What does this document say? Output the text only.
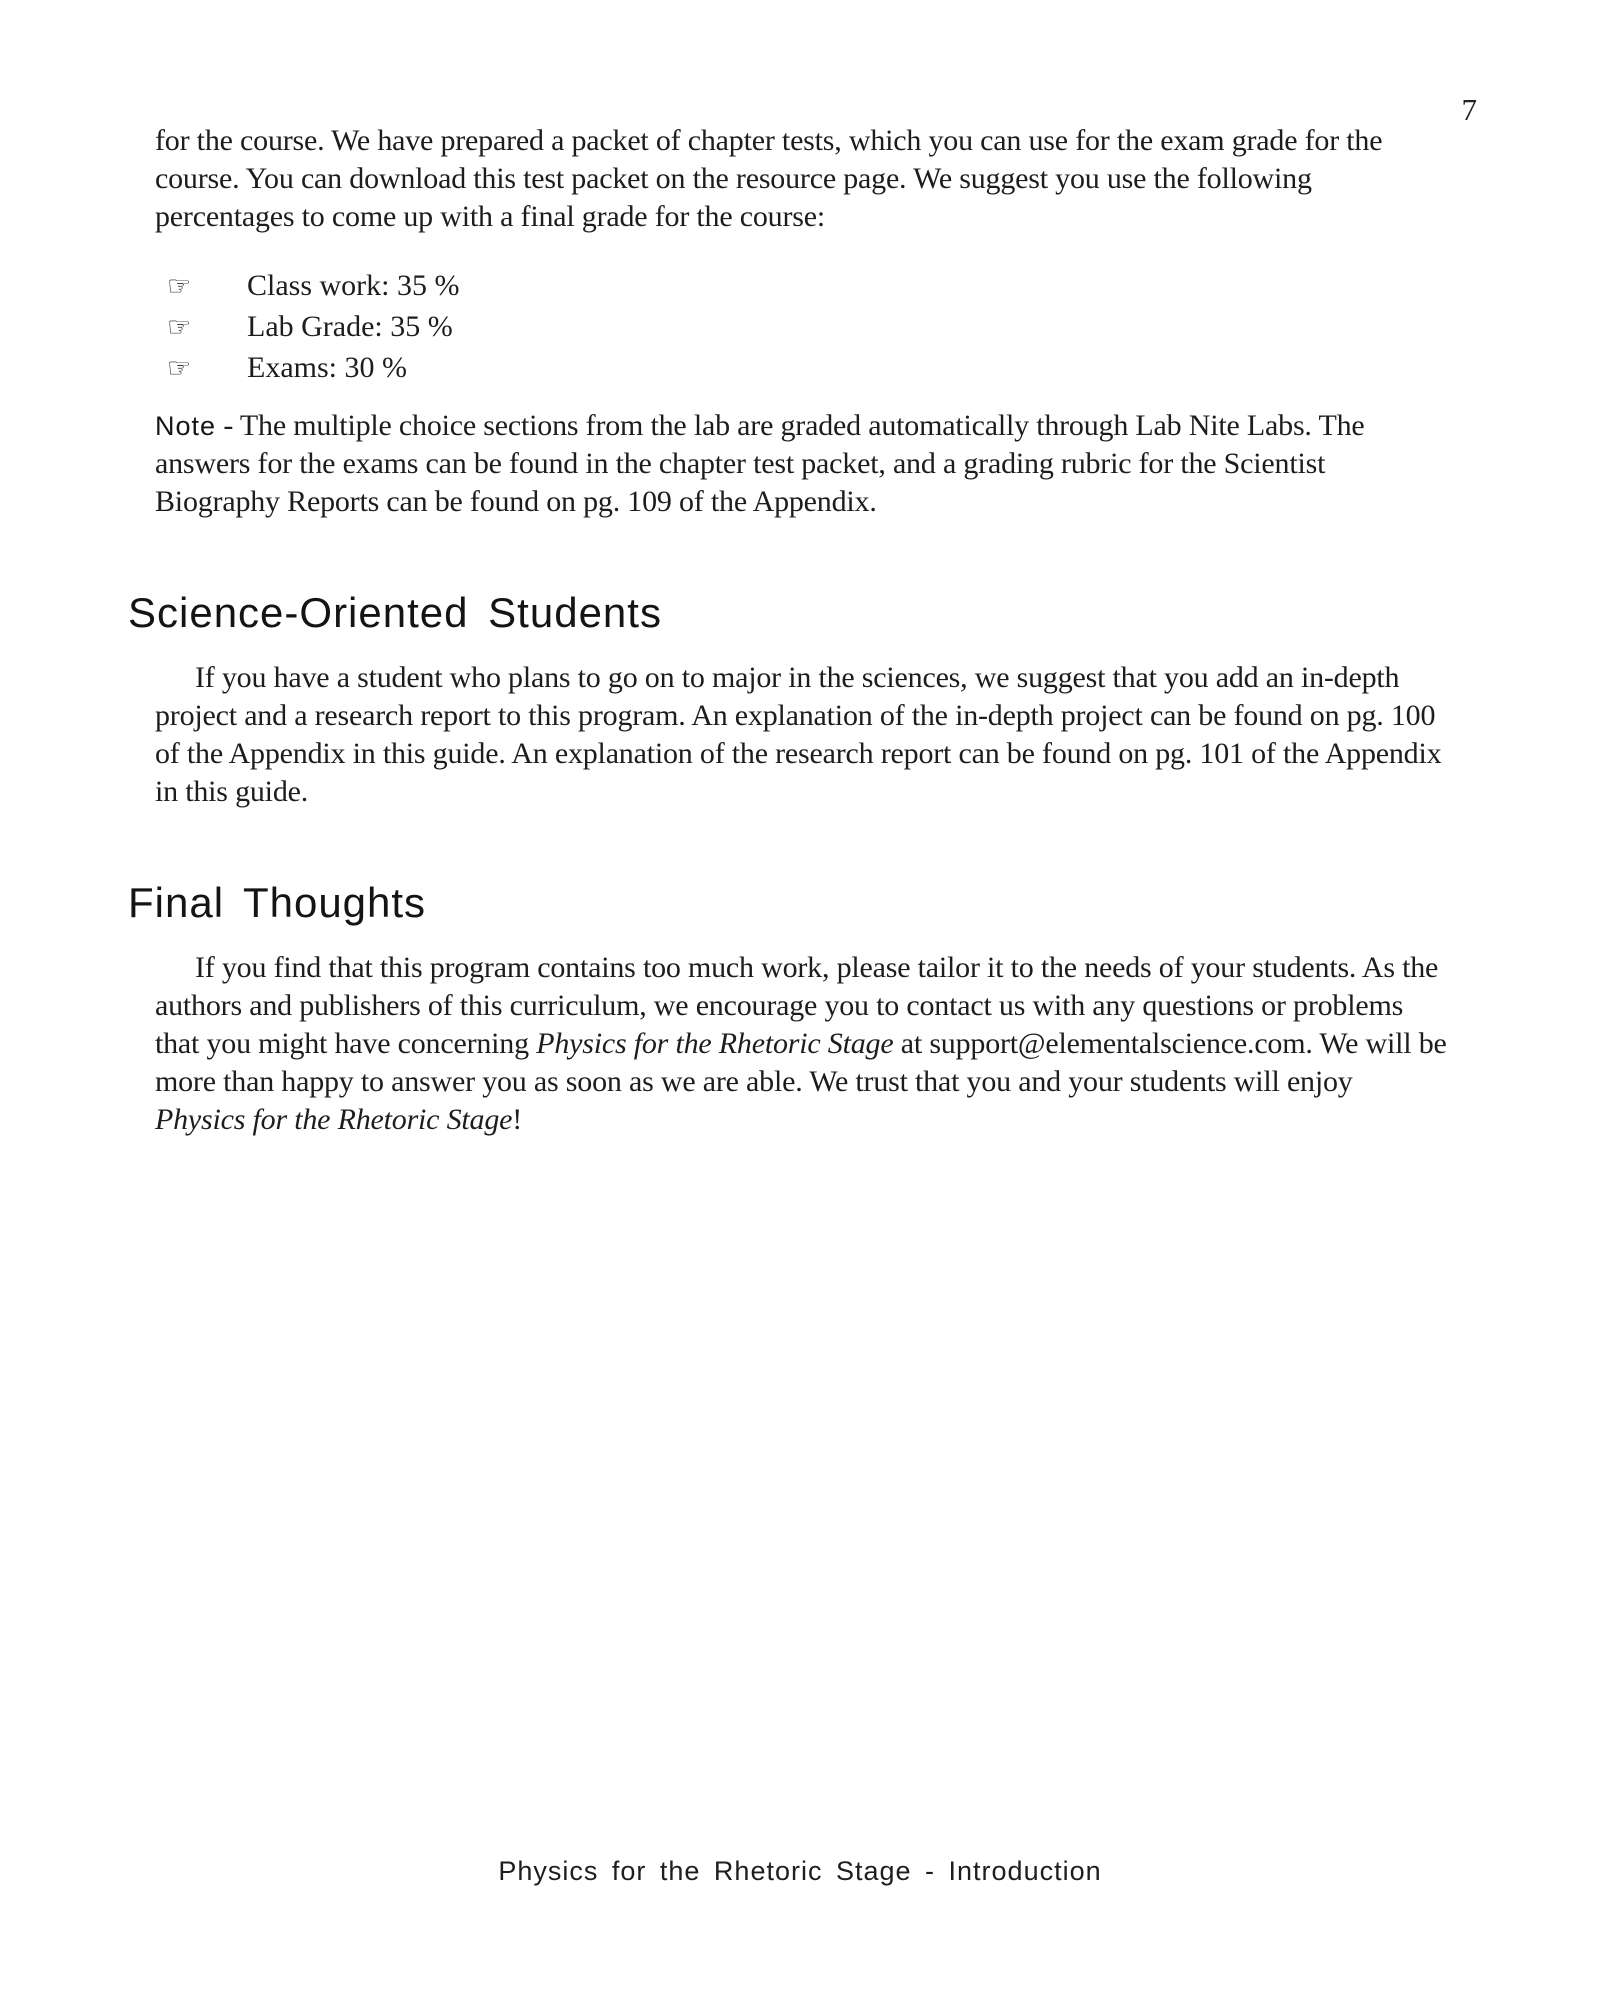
7

for the course. We have prepared a packet of chapter tests, which you can use for the exam grade for the course. You can download this test packet on the resource page. We suggest you use the following percentages to come up with a final grade for the course:

☞	Class work: 35 %
☞	Lab Grade: 35 %
☞	Exams: 30 %

Note - The multiple choice sections from the lab are graded automatically through Lab Nite Labs. The answers for the exams can be found in the chapter test packet, and a grading rubric for the Scientist Biography Reports can be found on pg. 109 of the Appendix.

Science-Oriented Students

If you have a student who plans to go on to major in the sciences, we suggest that you add an in-depth project and a research report to this program. An explanation of the in-depth project can be found on pg. 100 of the Appendix in this guide. An explanation of the research report can be found on pg. 101 of the Appendix in this guide.

Final Thoughts

If you find that this program contains too much work, please tailor it to the needs of your students. As the authors and publishers of this curriculum, we encourage you to contact us with any questions or problems that you might have concerning Physics for the Rhetoric Stage at support@elementalscience.com. We will be more than happy to answer you as soon as we are able. We trust that you and your students will enjoy Physics for the Rhetoric Stage!

Physics for the Rhetoric Stage - Introduction
